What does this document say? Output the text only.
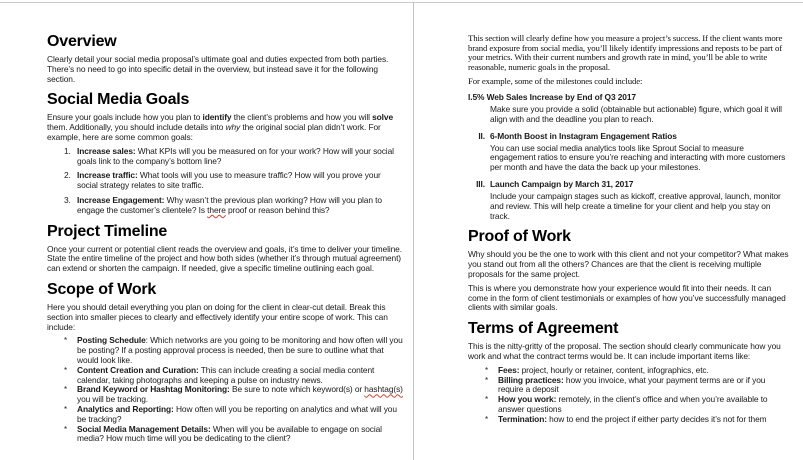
Overview

Clearly detail your social media proposal’s ultimate goal and duties expected from both parties. There’s no need to go into specific detail in the overview, but instead save it for the following section.

Social Media Goals

Ensure your goals include how you plan to identify the client’s problems and how you will solve them. Additionally, you should include details into why the original social plan didn’t work. For example, here are some common goals:

1. Increase sales: What KPIs will you be measured on for your work? How will your social goals link to the company’s bottom line?
2. Increase traffic: What tools will you use to measure traffic? How will you prove your social strategy relates to site traffic.
3. Increase Engagement: Why wasn’t the previous plan working? How will you plan to engage the customer’s clientele? Is there proof or reason behind this?
Project Timeline

Once your current or potential client reads the overview and goals, it’s time to deliver your timeline. State the entire timeline of the project and how both sides (whether it’s through mutual agreement) can extend or shorten the campaign. If needed, give a specific timeline outlining each goal.

Scope of Work

Here you should detail everything you plan on doing for the client in clear-cut detail. Break this section into smaller pieces to clearly and effectively identify your entire scope of work. This can include:

*	Posting Schedule: Which networks are you going to be monitoring and how often will you be posting? If a posting approval process is needed, then be sure to outline what that would look like.
*	Content Creation and Curation: This can include creating a social media content calendar, taking photographs and keeping a pulse on industry news.
*	Brand Keyword or Hashtag Monitoring: Be sure to note which keyword(s) or hashtag(s) you will be tracking.
*	Analytics and Reporting: How often will you be reporting on analytics and what will you be tracking?
*	Social Media Management Details: When will you be available to engage on social media? How much time will you be dedicating to the client?

This section will clearly define how you measure a project’s success. If the client wants more brand exposure from social media, you’ll likely identify impressions and reposts to be part of your metrics. With their current numbers and growth rate in mind, you’ll be able to write reasonable, numeric goals in the proposal.

For example, some of the milestones could include:

I.5% Web Sales Increase by End of Q3 2017

Make sure you provide a solid (obtainable but actionable) figure, which goal it will align with and the deadline you plan to reach.

II. 6-Month Boost in Instagram Engagement Ratios

You can use social media analytics tools like Sprout Social to measure engagement ratios to ensure you’re reaching and interacting with more customers per month and have the data the back up your milestones.

III. Launch Campaign by March 31, 2017

Include your campaign stages such as kickoff, creative approval, launch, monitor and review. This will help create a timeline for your client and help you stay on track.

Proof of Work

Why should you be the one to work with this client and not your competitor? What makes you stand out from all the others? Chances are that the client is receiving multiple proposals for the same project.

This is where you demonstrate how your experience would fit into their needs. It can come in the form of client testimonials or examples of how you’ve successfully managed clients with similar goals.

Terms of Agreement

This is the nitty-gritty of the proposal. The section should clearly communicate how you work and what the contract terms would be. It can include important items like:

*	Fees: project, hourly or retainer, content, infographics, etc.
*	Billing practices: how you invoice, what your payment terms are or if you require a deposit
*	How you work: remotely, in the client’s office and when you’re available to answer questions
*	Termination: how to end the project if either party decides it’s not for them
